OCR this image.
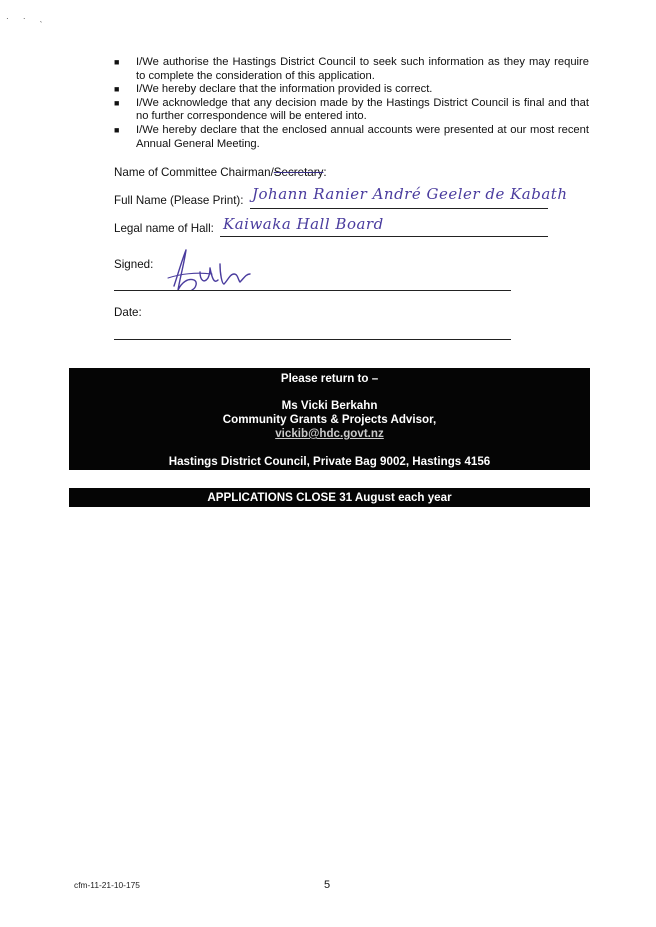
· · ˎ
■ I/We authorise the Hastings District Council to seek such information as they may require to complete the consideration of this application.
■ I/We hereby declare that the information provided is correct.
■ I/We acknowledge that any decision made by the Hastings District Council is final and that no further correspondence will be entered into.
■ I/We hereby declare that the enclosed annual accounts were presented at our most recent Annual General Meeting.
Name of Committee Chairman/Secretary:
Full Name (Please Print): Johann Ranier André Geeler de Kabath
Legal name of Hall: Kaiwaka Hall Board
Signed:
Date:
Please return to –
Ms Vicki Berkahn
Community Grants & Projects Advisor,
vickib@hdc.govt.nz
Hastings District Council, Private Bag 9002, Hastings 4156
APPLICATIONS CLOSE 31 August each year
cfm-11-21-10-175	5
